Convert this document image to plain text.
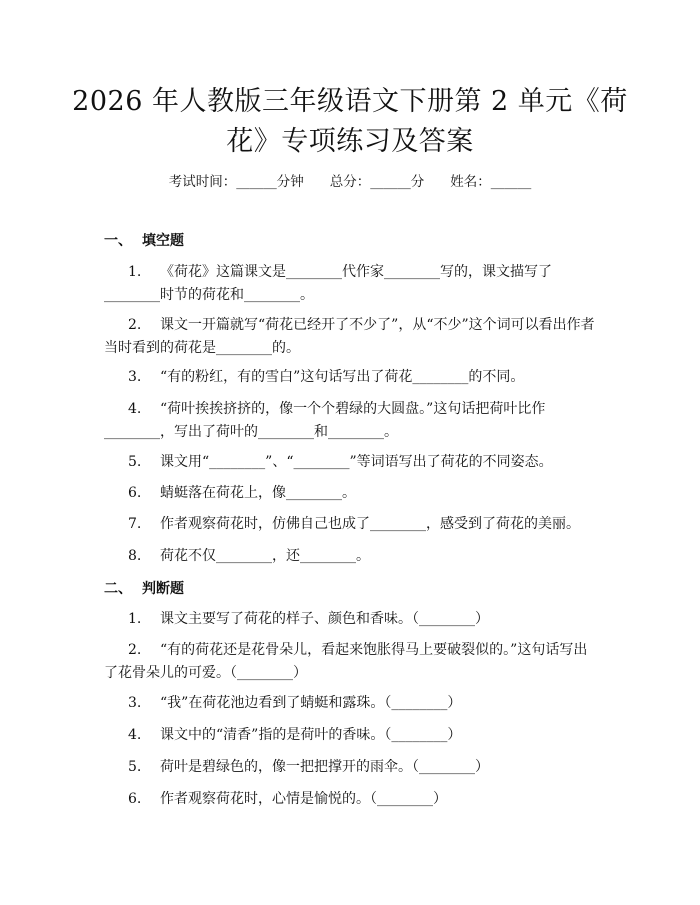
2026 年人教版三年级语文下册第 2 单元《荷花》专项练习及答案
考试时间：______分钟 总分：______分 姓名：______
一、 填空题
1. 《荷花》这篇课文是________代作家________写的，课文描写了________时节的荷花和________。
2. 课文一开篇就写“荷花已经开了不少了”，从“不少”这个词可以看出作者当时看到的荷花是________的。
3. “有的粉红，有的雪白”这句话写出了荷花________的不同。
4. “荷叶挨挨挤挤的，像一个个碧绿的大圆盘。”这句话把荷叶比作________，写出了荷叶的________和________。
5. 课文用“________”、“________”等词语写出了荷花的不同姿态。
6. 蜻蜓落在荷花上，像________。
7. 作者观察荷花时，仿佛自己也成了________，感受到了荷花的美丽。
8. 荷花不仅________，还________。
二、 判断题
1. 课文主要写了荷花的样子、颜色和香味。（________）
2. “有的荷花还是花骨朵儿，看起来饱胀得马上要破裂似的。”这句话写出了花骨朵儿的可爱。（________）
3. “我”在荷花池边看到了蜻蜓和露珠。（________）
4. 课文中的“清香”指的是荷叶的香味。（________）
5. 荷叶是碧绿色的，像一把把撑开的雨伞。（________）
6. 作者观察荷花时，心情是愉悦的。（________）
